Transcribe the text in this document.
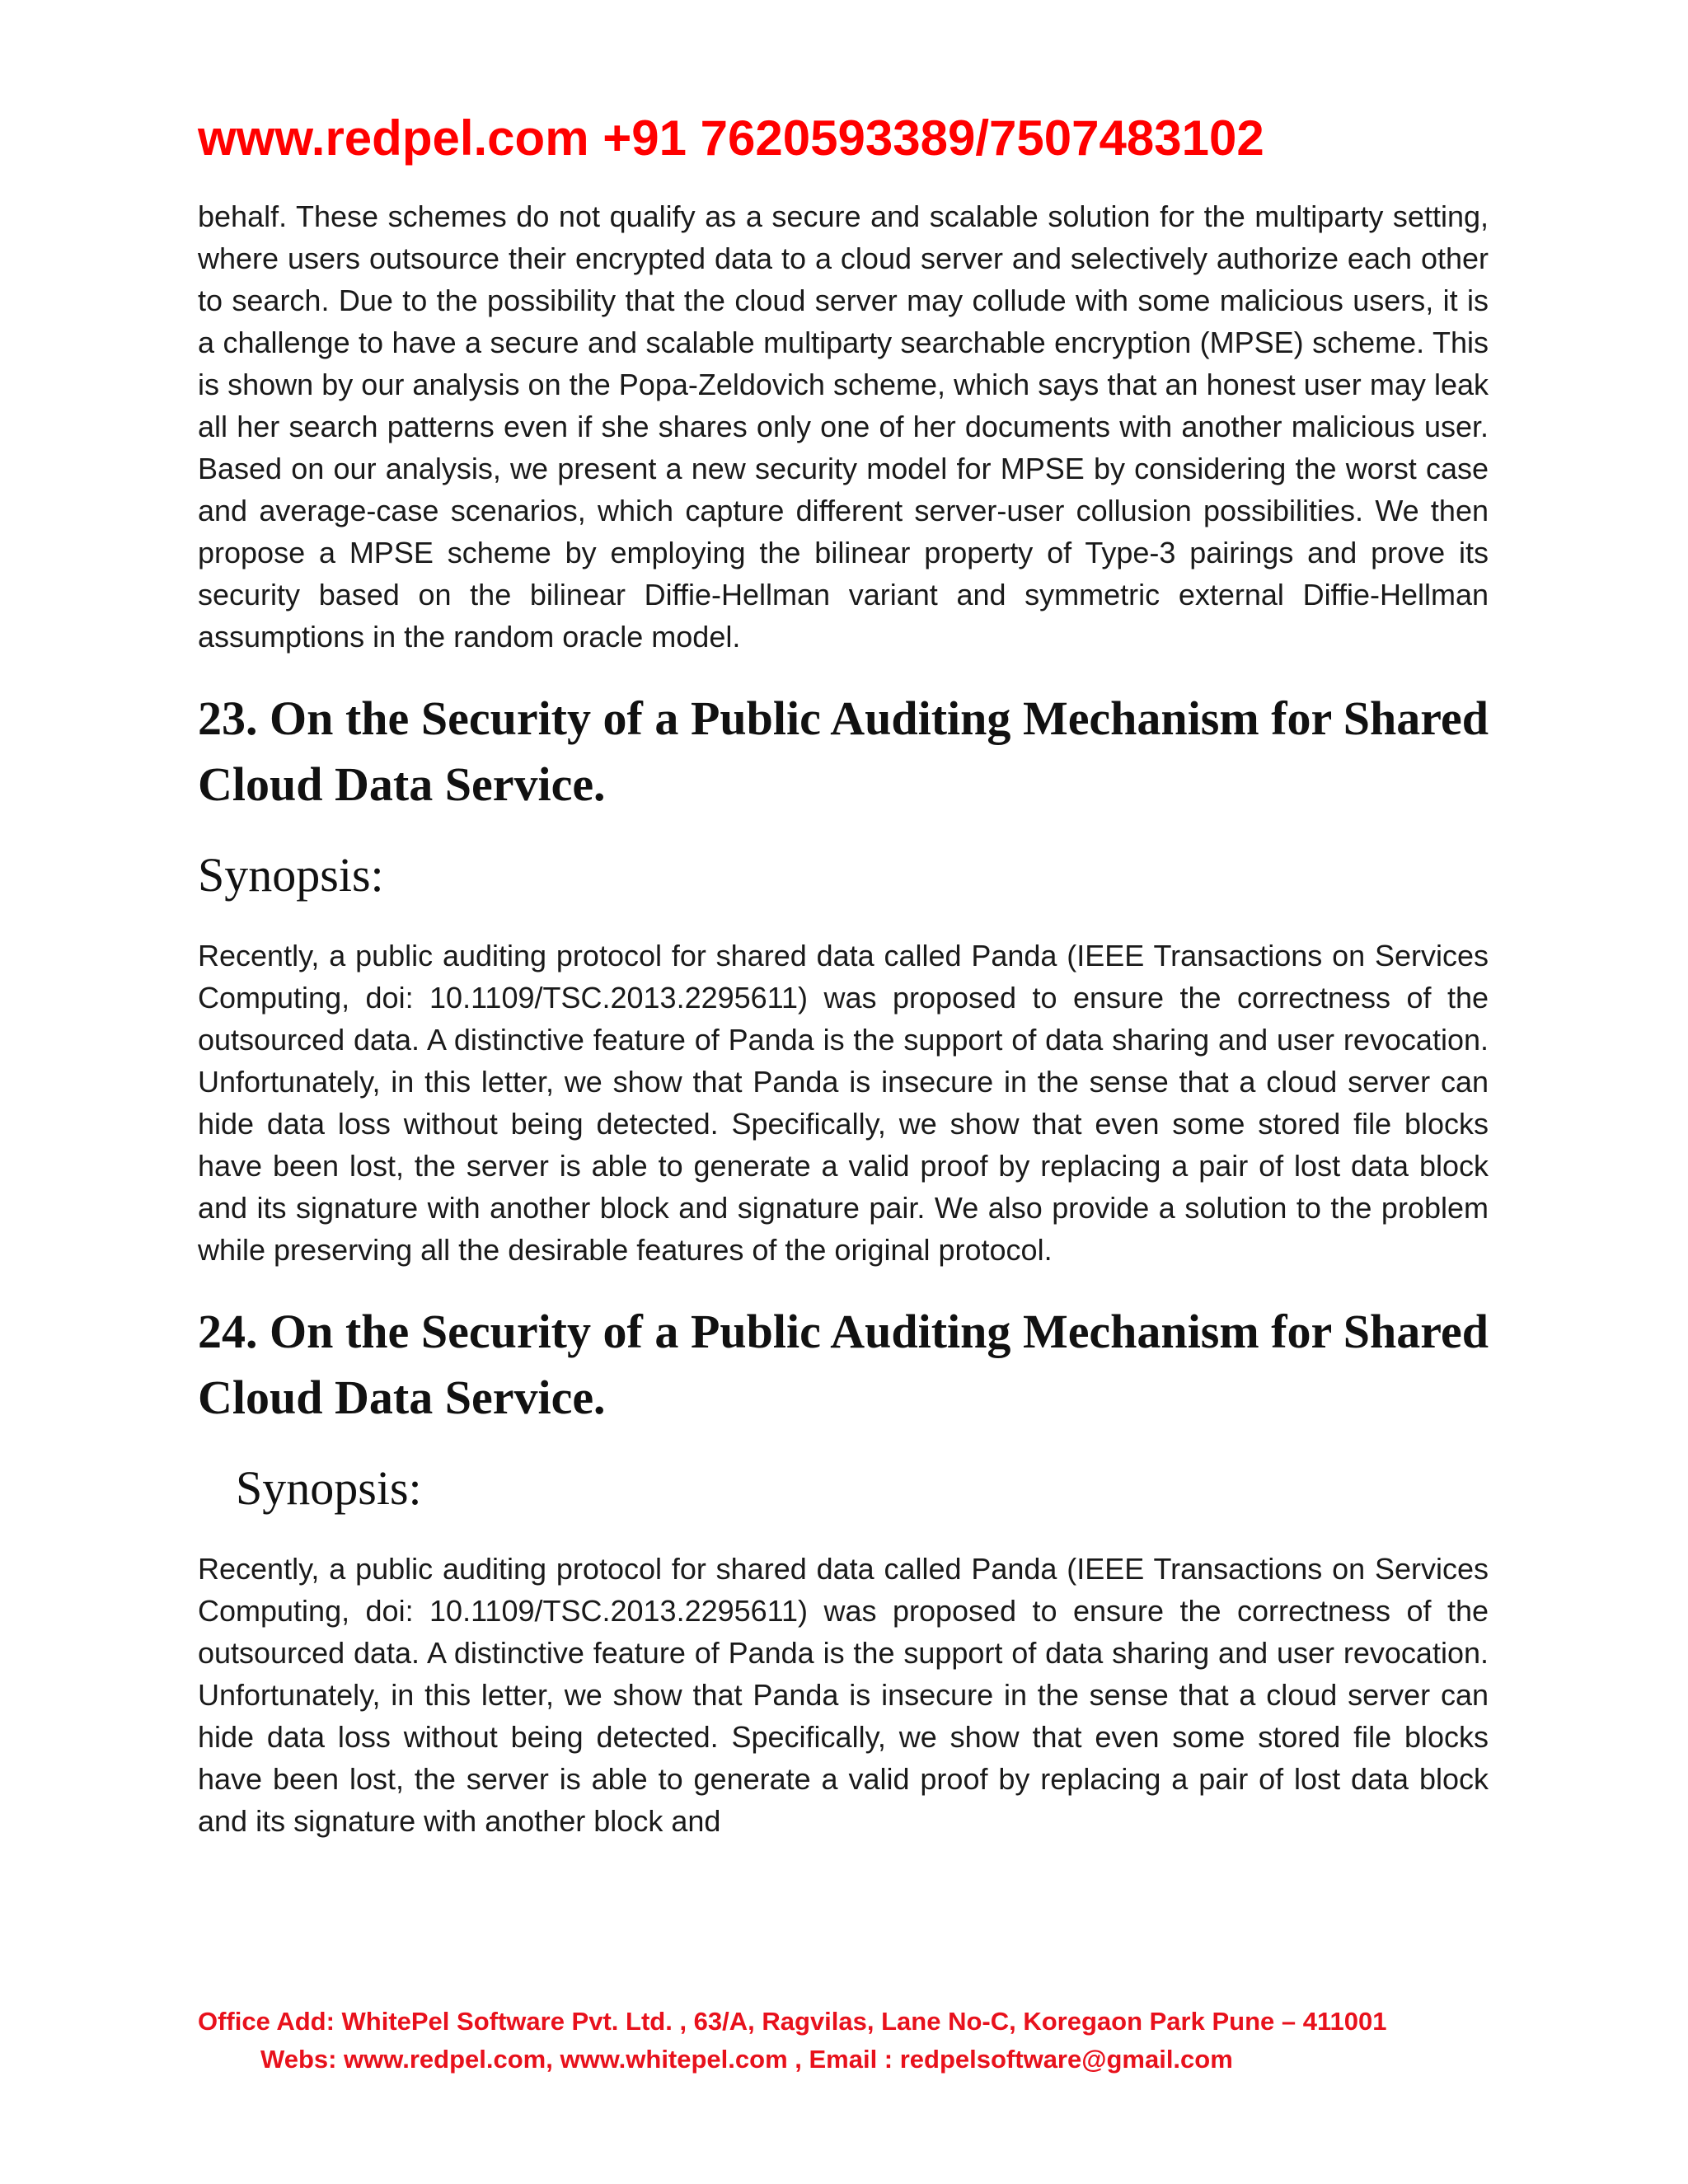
www.redpel.com +91 7620593389/7507483102

behalf. These schemes do not qualify as a secure and scalable solution for the multiparty setting, where users outsource their encrypted data to a cloud server and selectively authorize each other to search. Due to the possibility that the cloud server may collude with some malicious users, it is a challenge to have a secure and scalable multiparty searchable encryption (MPSE) scheme. This is shown by our analysis on the Popa-Zeldovich scheme, which says that an honest user may leak all her search patterns even if she shares only one of her documents with another malicious user. Based on our analysis, we present a new security model for MPSE by considering the worst case and average-case scenarios, which capture different server-user collusion possibilities. We then propose a MPSE scheme by employing the bilinear property of Type-3 pairings and prove its security based on the bilinear Diffie-Hellman variant and symmetric external Diffie-Hellman assumptions in the random oracle model.

23. On the Security of a Public Auditing Mechanism for Shared Cloud Data Service.
Synopsis:

Recently, a public auditing protocol for shared data called Panda (IEEE Transactions on Services Computing, doi: 10.1109/TSC.2013.2295611) was proposed to ensure the correctness of the outsourced data. A distinctive feature of Panda is the support of data sharing and user revocation. Unfortunately, in this letter, we show that Panda is insecure in the sense that a cloud server can hide data loss without being detected. Specifically, we show that even some stored file blocks have been lost, the server is able to generate a valid proof by replacing a pair of lost data block and its signature with another block and signature pair. We also provide a solution to the problem while preserving all the desirable features of the original protocol.

24. On the Security of a Public Auditing Mechanism for Shared Cloud Data Service.
Synopsis:

Recently, a public auditing protocol for shared data called Panda (IEEE Transactions on Services Computing, doi: 10.1109/TSC.2013.2295611) was proposed to ensure the correctness of the outsourced data. A distinctive feature of Panda is the support of data sharing and user revocation. Unfortunately, in this letter, we show that Panda is insecure in the sense that a cloud server can hide data loss without being detected. Specifically, we show that even some stored file blocks have been lost, the server is able to generate a valid proof by replacing a pair of lost data block and its signature with another block and

Office Add: WhitePel Software Pvt. Ltd. , 63/A, Ragvilas, Lane No-C, Koregaon Park Pune – 411001
Webs: www.redpel.com, www.whitepel.com , Email : redpelsoftware@gmail.com
